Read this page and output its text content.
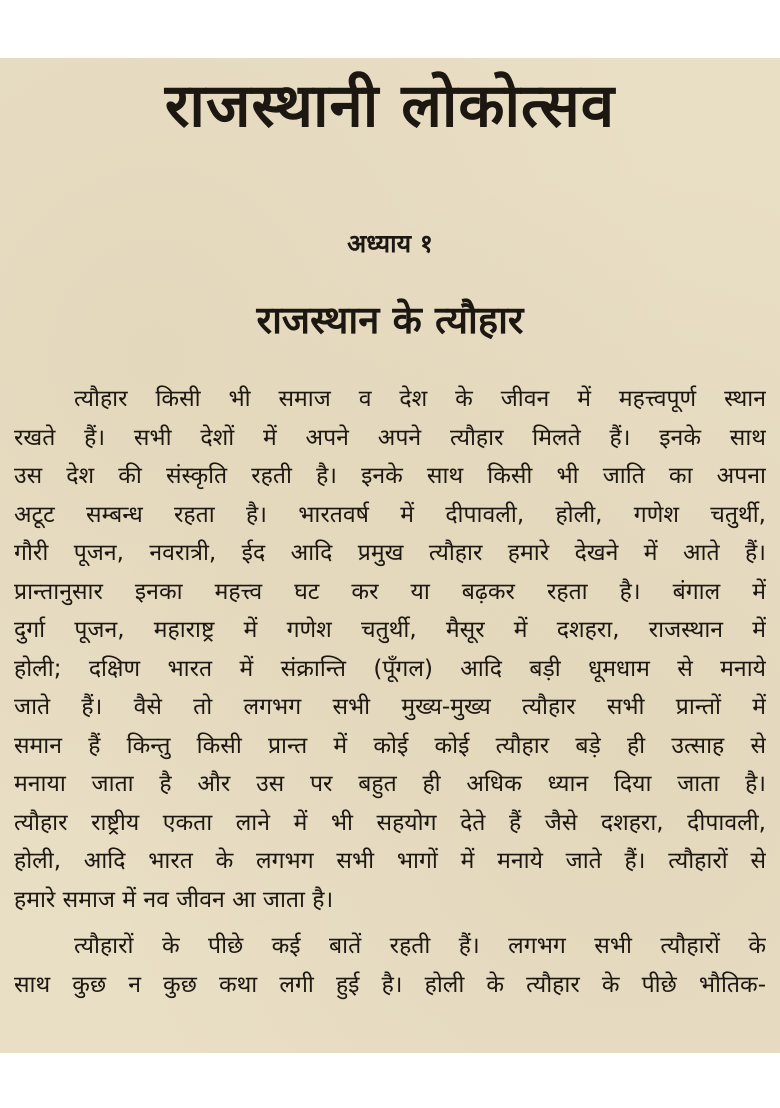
राजस्थानी लोकोत्सव
अध्याय १
राजस्थान के त्यौहार
त्यौहार किसी भी समाज व देश के जीवन में महत्त्वपूर्ण स्थान
रखते हैं। सभी देशों में अपने अपने त्यौहार मिलते हैं। इनके साथ
उस देश की संस्कृति रहती है। इनके साथ किसी भी जाति का अपना
अटूट सम्बन्ध रहता है। भारतवर्ष में दीपावली, होली, गणेश चतुर्थी,
गौरी पूजन, नवरात्री, ईद आदि प्रमुख त्यौहार हमारे देखने में आते हैं।
प्रान्तानुसार इनका महत्त्व घट कर या बढ़कर रहता है। बंगाल में
दुर्गा पूजन, महाराष्ट्र में गणेश चतुर्थी, मैसूर में दशहरा, राजस्थान में
होली; दक्षिण भारत में संक्रान्ति (पूँगल) आदि बड़ी धूमधाम से मनाये
जाते हैं। वैसे तो लगभग सभी मुख्य-मुख्य त्यौहार सभी प्रान्तों में
समान हैं किन्तु किसी प्रान्त में कोई कोई त्यौहार बड़े ही उत्साह से
मनाया जाता है और उस पर बहुत ही अधिक ध्यान दिया जाता है।
त्यौहार राष्ट्रीय एकता लाने में भी सहयोग देते हैं जैसे दशहरा, दीपावली,
होली, आदि भारत के लगभग सभी भागों में मनाये जाते हैं। त्यौहारों से
हमारे समाज में नव जीवन आ जाता है।
त्यौहारों के पीछे कई बातें रहती हैं। लगभग सभी त्यौहारों के
साथ कुछ न कुछ कथा लगी हुई है। होली के त्यौहार के पीछे भौतिक-
